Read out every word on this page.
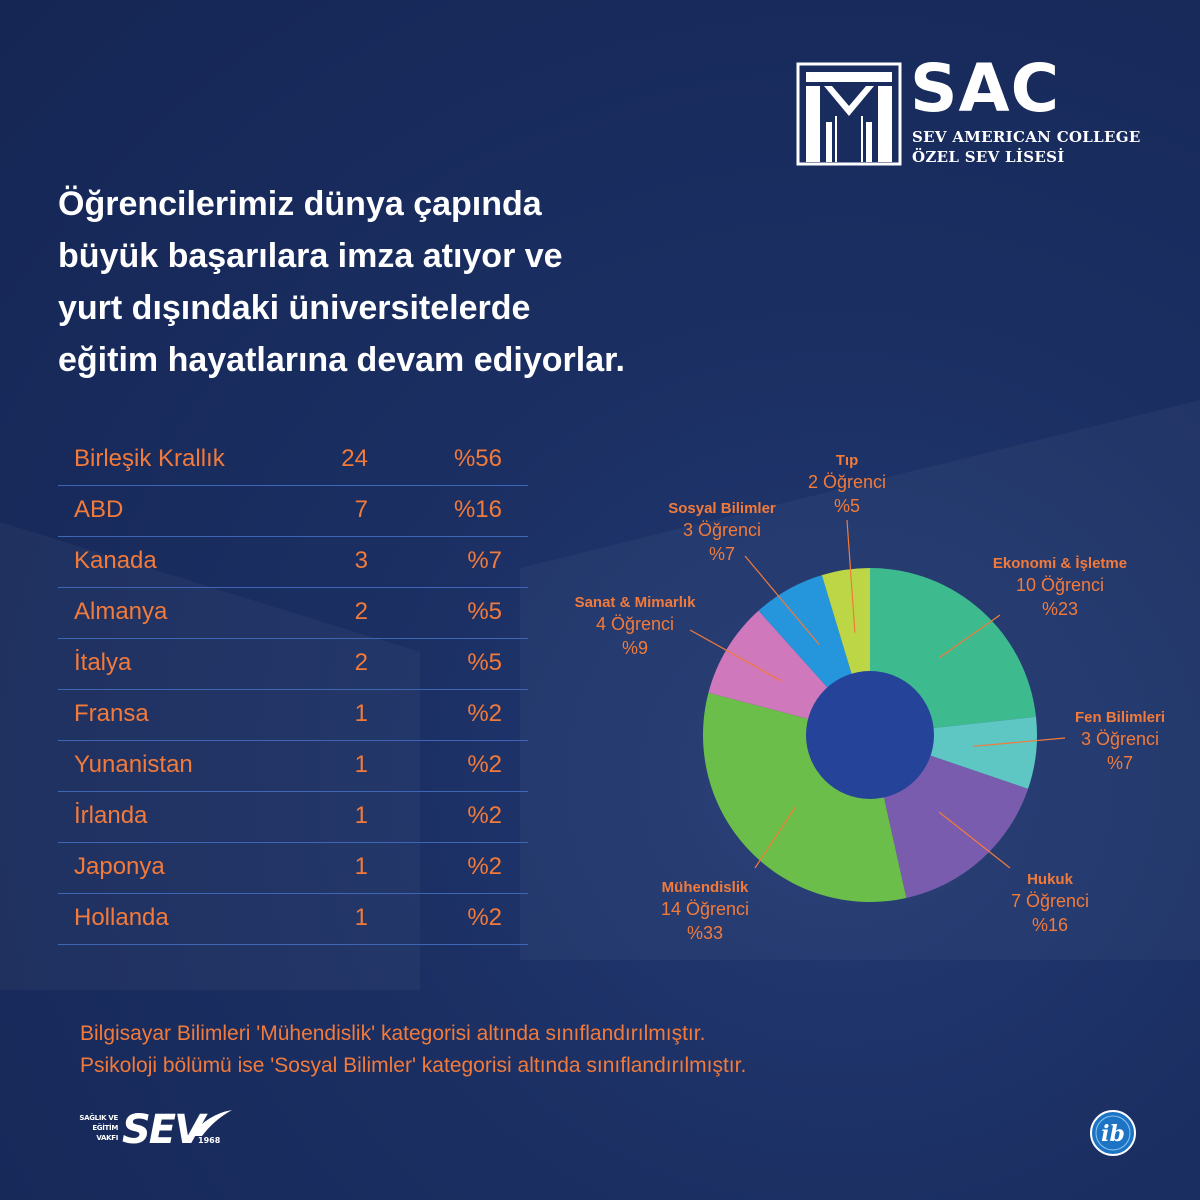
SAC
SEV AMERICAN COLLEGE
ÖZEL SEV LİSESİ
Öğrencilerimiz dünya çapında
büyük başarılara imza atıyor ve
yurt dışındaki üniversitelerde
eğitim hayatlarına devam ediyorlar.
Birleşik Krallık	24	%56
ABD	7	%16
Kanada	3	%7
Almanya	2	%5
İtalya	2	%5
Fransa	1	%2
Yunanistan	1	%2
İrlanda	1	%2
Japonya	1	%2
Hollanda	1	%2
Ekonomi & İşletme
10 Öğrenci
%23
Fen Bilimleri
3 Öğrenci
%7
Hukuk
7 Öğrenci
%16
Mühendislik
14 Öğrenci
%33
Sanat & Mimarlık
4 Öğrenci
%9
Sosyal Bilimler
3 Öğrenci
%7
Tıp
2 Öğrenci
%5
Bilgisayar Bilimleri 'Mühendislik' kategorisi altında sınıflandırılmıştır.
Psikoloji bölümü ise 'Sosyal Bilimler' kategorisi altında sınıflandırılmıştır.
SAĞLIK VE
EĞİTİM
VAKFI SEV
1968	ib
